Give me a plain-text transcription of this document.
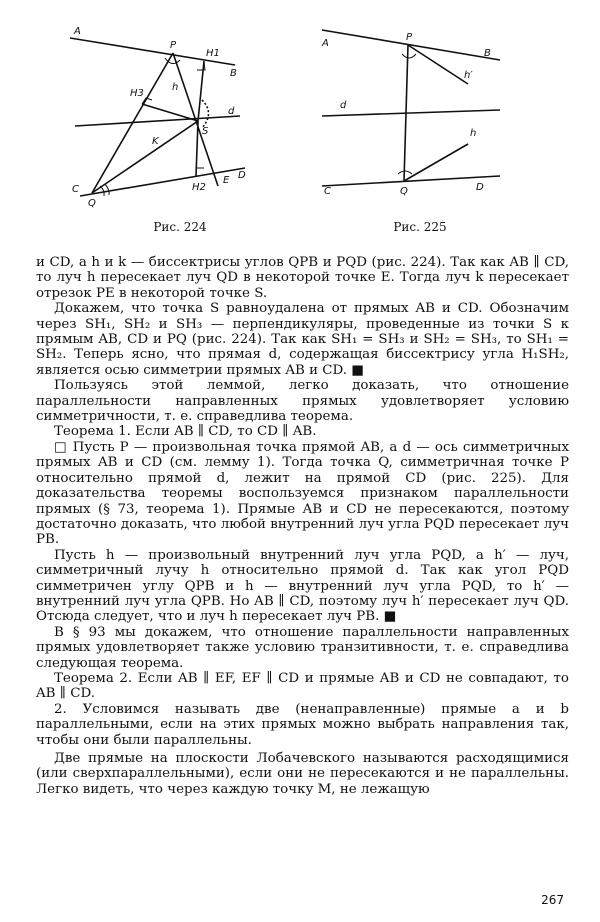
A
B
C
D
E
P
Q
S
d
h
K
H1
H2
H3
A
B
C	D
P
Q
d
h
h′
Рис. 224	Рис. 225

и CD, а h и k — биссектрисы углов QPB и PQD (рис. 224). Так как AB ∥ CD, то луч h пересекает луч QD в некоторой точке E. Тогда луч k пересекает отрезок PE в некоторой точке S.

Докажем, что точка S равноудалена от прямых AB и CD. Обозначим через SH₁, SH₂ и SH₃ — перпендикуляры, проведенные из точки S к прямым AB, CD и PQ (рис. 224). Так как SH₁ = SH₃ и SH₂ = SH₃, то SH₁ = SH₂. Теперь ясно, что прямая d, содержащая биссектрису угла H₁SH₂, является осью симметрии прямых AB и CD. ■

Пользуясь этой леммой, легко доказать, что отношение параллельности направленных прямых удовлетворяет условию симметричности, т. е. справедлива теорема.

Теорема 1. Если AB ∥ CD, то CD ∥ AB.

□ Пусть P — произвольная точка прямой AB, а d — ось симметричных прямых AB и CD (см. лемму 1). Тогда точка Q, симметричная точке P относительно прямой d, лежит на прямой CD (рис. 225). Для доказательства теоремы воспользуемся признаком параллельности прямых (§ 73, теорема 1). Прямые AB и CD не пересекаются, поэтому достаточно доказать, что любой внутренний луч угла PQD пересекает луч PB.

Пусть h — произвольный внутренний луч угла PQD, а h′ — луч, симметричный лучу h относительно прямой d. Так как угол PQD симметричен углу QPB и h — внутренний луч угла PQD, то h′ — внутренний луч угла QPB. Но AB ∥ CD, поэтому луч h′ пересекает луч QD. Отсюда следует, что и луч h пересекает луч PB. ■

В § 93 мы докажем, что отношение параллельности направленных прямых удовлетворяет также условию транзитивности, т. е. справедлива следующая теорема.

Теорема 2. Если AB ∥ EF, EF ∥ CD и прямые AB и CD не совпадают, то AB ∥ CD.

2. Условимся называть две (ненаправленные) прямые a и b параллельными, если на этих прямых можно выбрать направления так, чтобы они были параллельны.

Две прямые на плоскости Лобачевского называются расходящимися (или сверхпараллельными), если они не пересекаются и не параллельны. Легко видеть, что через каждую точку M, не лежащую

267
